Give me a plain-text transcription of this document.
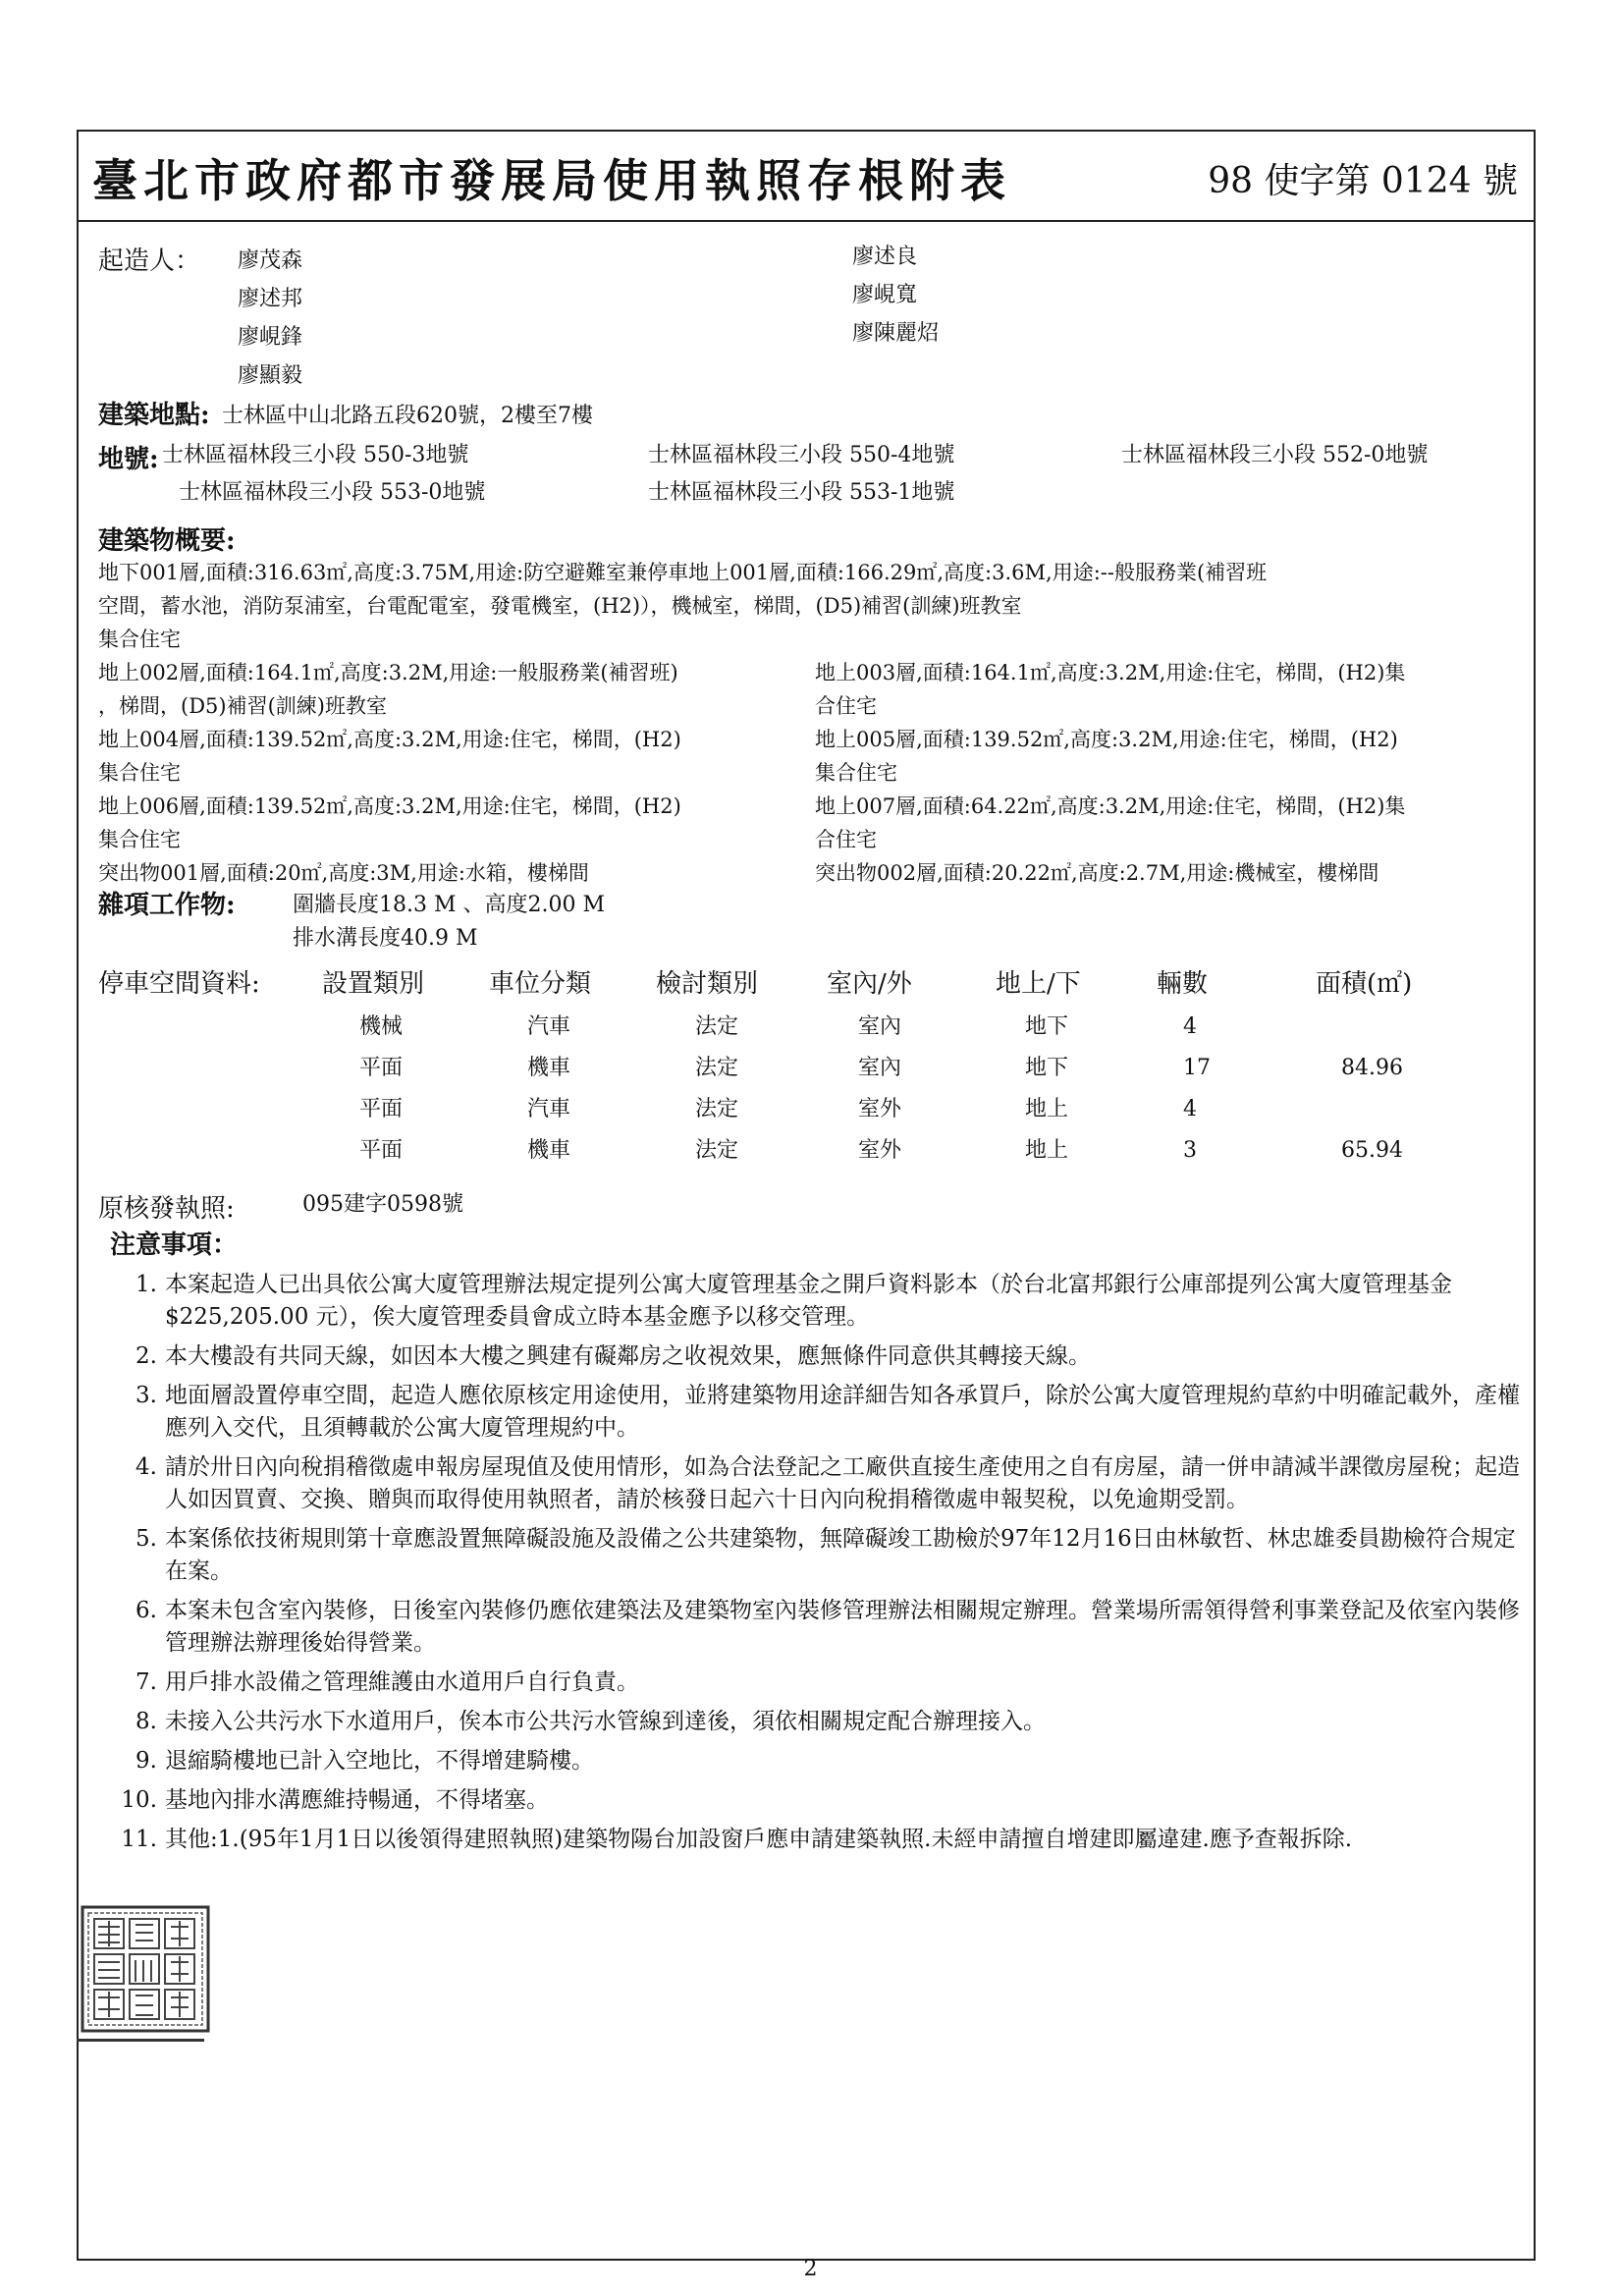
臺北市政府都市發展局使用執照存根附表	98 使字第 0124 號
起造人： 廖茂森
廖述邦
廖峴鋒
廖顯毅
廖述良
廖峴寬
廖陳麗炤
建築地點: 士林區中山北路五段620號，2樓至7樓
地號: 士林區福林段三小段 550-3地號	士林區福林段三小段 550-4地號	士林區福林段三小段 552-0地號
士林區福林段三小段 553-0地號	士林區福林段三小段 553-1地號
建築物概要:
地下001層,面積:316.63㎡,高度:3.75M,用途:防空避難室兼停車地上001層,面積:166.29㎡,高度:3.6M,用途:--般服務業(補習班
空間，蓄水池，消防泵浦室，台電配電室，發電機室，(H2)），機械室，梯間，(D5)補習(訓練)班教室
集合住宅
地上002層,面積:164.1㎡,高度:3.2M,用途:一般服務業(補習班)
，梯間，(D5)補習(訓練)班教室
地上003層,面積:164.1㎡,高度:3.2M,用途:住宅，梯間，(H2)集
合住宅
地上004層,面積:139.52㎡,高度:3.2M,用途:住宅，梯間，(H2)
集合住宅
地上005層,面積:139.52㎡,高度:3.2M,用途:住宅，梯間，(H2)
集合住宅
地上006層,面積:139.52㎡,高度:3.2M,用途:住宅，梯間，(H2)
集合住宅
地上007層,面積:64.22㎡,高度:3.2M,用途:住宅，梯間，(H2)集
合住宅
突出物001層,面積:20㎡,高度:3M,用途:水箱，樓梯間	突出物002層,面積:20.22㎡,高度:2.7M,用途:機械室，樓梯間
雜項工作物:	圍牆長度18.3 M 、高度2.00 M
排水溝長度40.9 M
停車空間資料: 設置類別	車位分類	檢討類別	室內/外	地上/下	輛數	面積(㎡)
機械	汽車	法定	室內	地下	4
平面	機車	法定	室內	地下	17	84.96
平面	汽車	法定	室外	地上	4
平面	機車	法定	室外	地上	3	65.94
原核發執照:	095建字0598號
注意事項：
1. 本案起造人已出具依公寓大廈管理辦法規定提列公寓大廈管理基金之開戶資料影本（於台北富邦銀行公庫部提列公寓大廈管理基金$225,205.00 元），俟大廈管理委員會成立時本基金應予以移交管理。
2. 本大樓設有共同天線，如因本大樓之興建有礙鄰房之收視效果，應無條件同意供其轉接天線。
3. 地面層設置停車空間，起造人應依原核定用途使用，並將建築物用途詳細告知各承買戶，除於公寓大廈管理規約草約中明確記載外，產權應列入交代，且須轉載於公寓大廈管理規約中。
4. 請於卅日內向稅捐稽徵處申報房屋現值及使用情形，如為合法登記之工廠供直接生產使用之自有房屋，請一併申請減半課徵房屋稅；起造人如因買賣、交換、贈與而取得使用執照者，請於核發日起六十日內向稅捐稽徵處申報契稅，以免逾期受罰。
5. 本案係依技術規則第十章應設置無障礙設施及設備之公共建築物，無障礙竣工勘檢於97年12月16日由林敏哲、林忠雄委員勘檢符合規定在案。
6. 本案未包含室內裝修，日後室內裝修仍應依建築法及建築物室內裝修管理辦法相關規定辦理。營業場所需領得營利事業登記及依室內裝修管理辦法辦理後始得營業。
7. 用戶排水設備之管理維護由水道用戶自行負責。
8. 未接入公共污水下水道用戶，俟本市公共污水管線到達後，須依相關規定配合辦理接入。
9. 退縮騎樓地已計入空地比，不得增建騎樓。
10. 基地內排水溝應維持暢通，不得堵塞。
11. 其他:1.(95年1月1日以後領得建照執照)建築物陽台加設窗戶應申請建築執照.未經申請擅自增建即屬違建.應予查報拆除.
2
